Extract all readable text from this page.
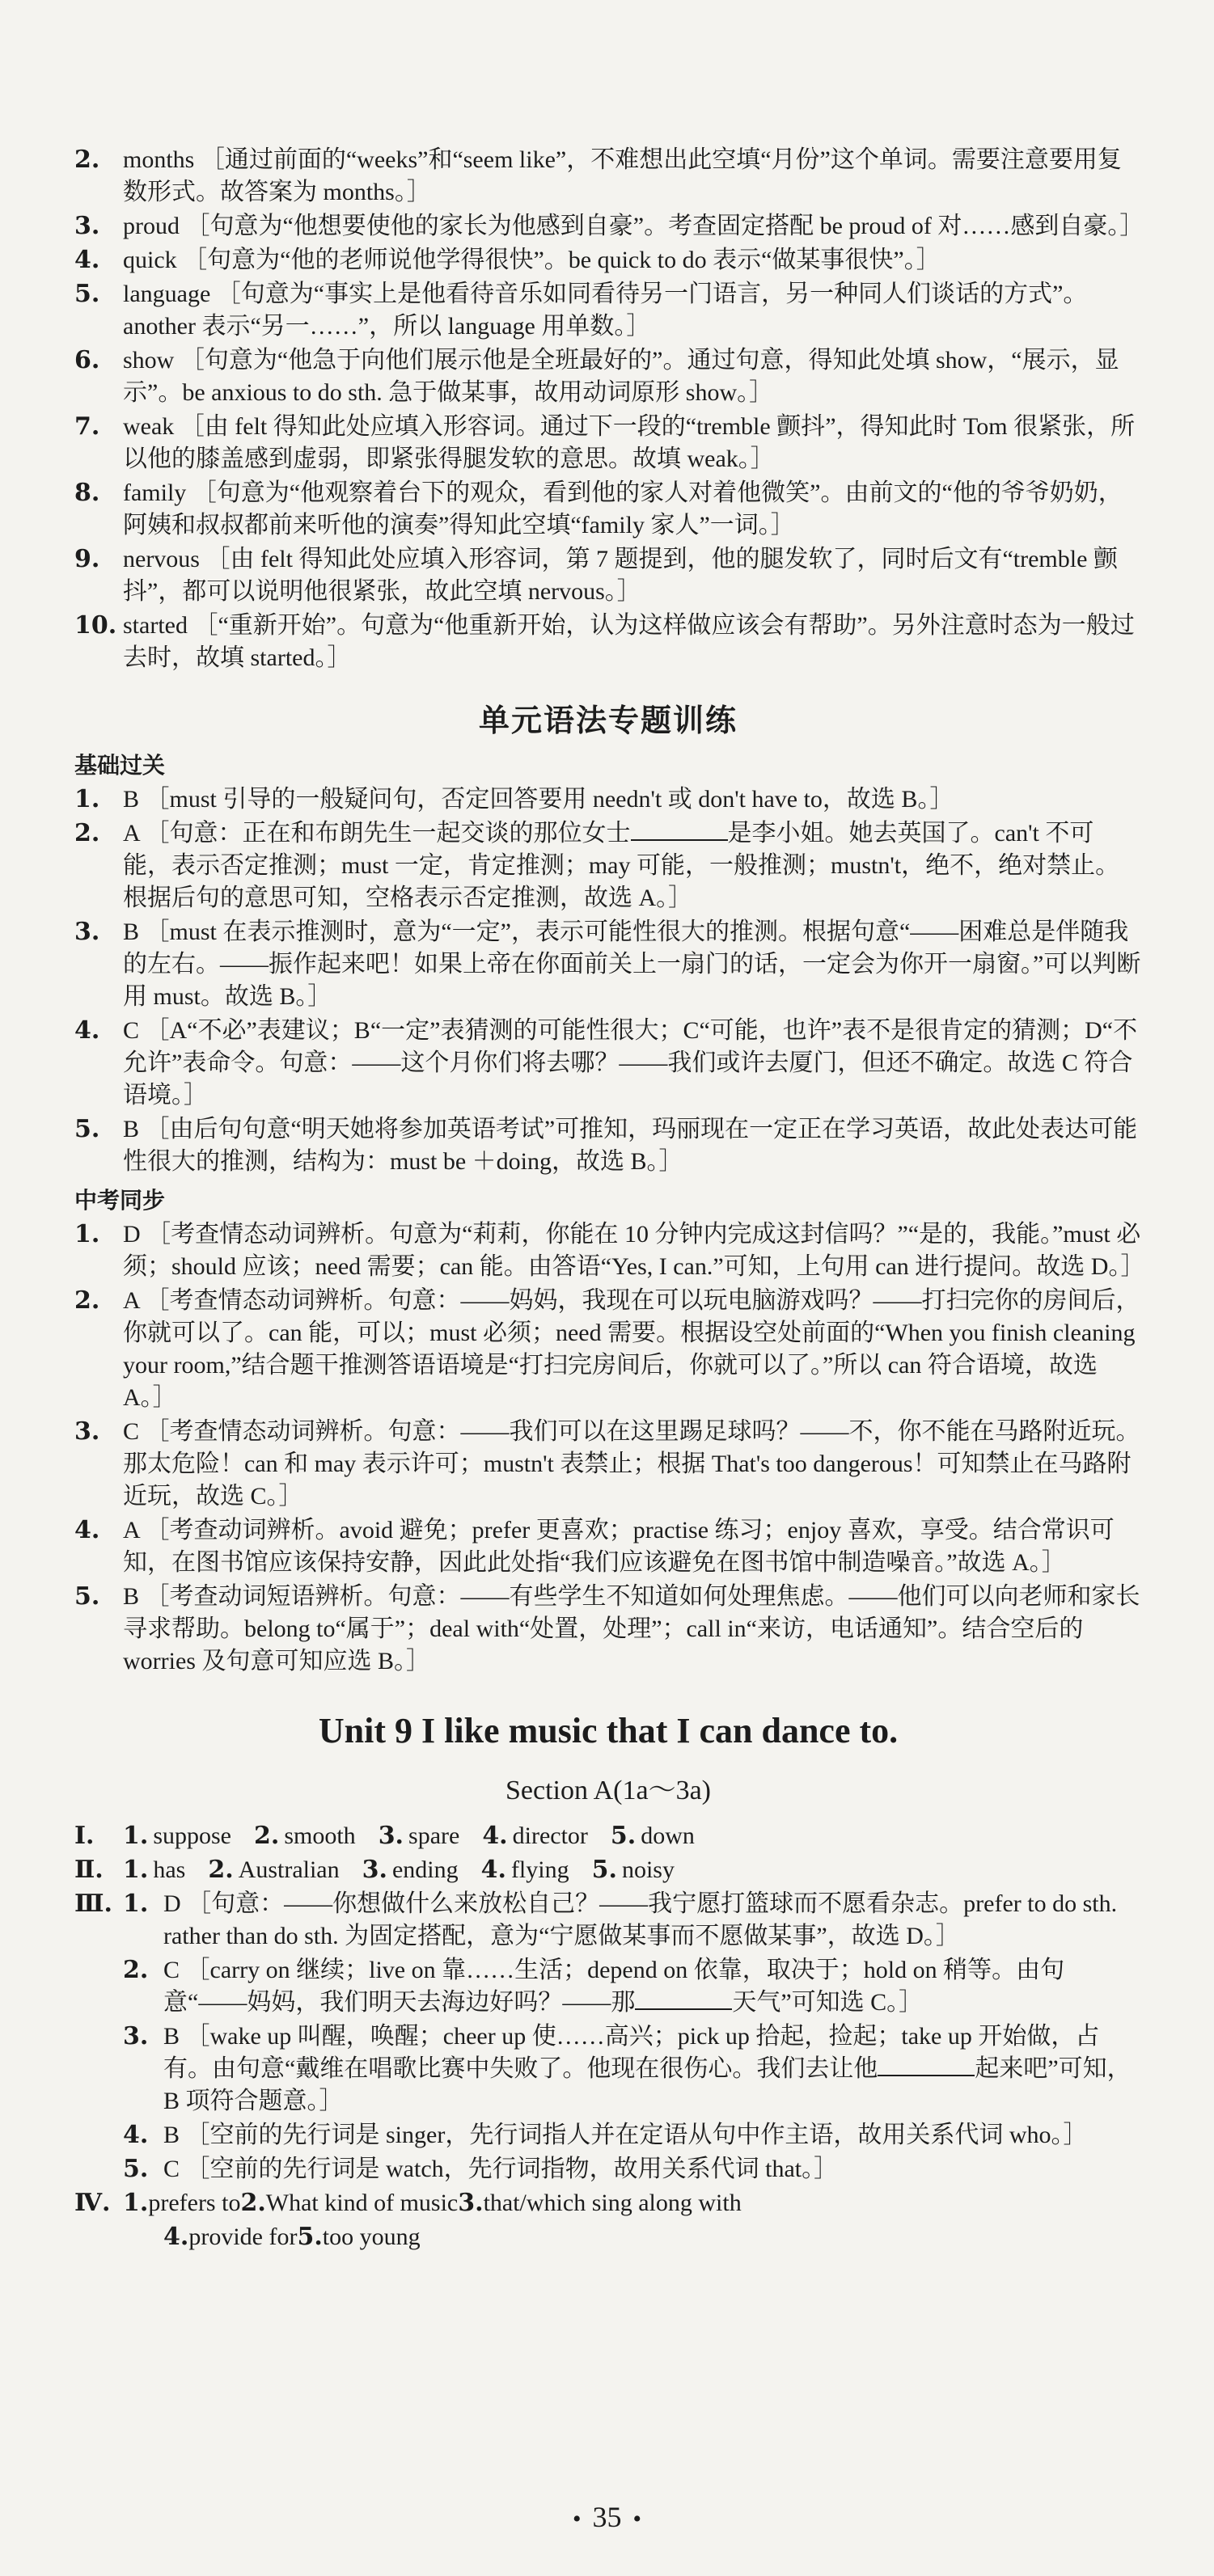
2. months ［通过前面的“weeks”和“seem like”，不难想出此空填“月份”这个单词。需要注意要用复数形式。故答案为 months。］
3. proud ［句意为“他想要使他的家长为他感到自豪”。考查固定搭配 be proud of 对……感到自豪。］
4. quick ［句意为“他的老师说他学得很快”。be quick to do 表示“做某事很快”。］
5. language ［句意为“事实上是他看待音乐如同看待另一门语言，另一种同人们谈话的方式”。another 表示“另一……”，所以 language 用单数。］
6. show ［句意为“他急于向他们展示他是全班最好的”。通过句意，得知此处填 show，“展示，显示”。be anxious to do sth. 急于做某事，故用动词原形 show。］
7. weak ［由 felt 得知此处应填入形容词。通过下一段的“tremble 颤抖”，得知此时 Tom 很紧张，所以他的膝盖感到虚弱，即紧张得腿发软的意思。故填 weak。］
8. family ［句意为“他观察着台下的观众，看到他的家人对着他微笑”。由前文的“他的爷爷奶奶，阿姨和叔叔都前来听他的演奏”得知此空填“family 家人”一词。］
9. nervous ［由 felt 得知此处应填入形容词，第 7 题提到，他的腿发软了，同时后文有“tremble 颤抖”，都可以说明他很紧张，故此空填 nervous。］
10. started ［“重新开始”。句意为“他重新开始，认为这样做应该会有帮助”。另外注意时态为一般过去时，故填 started。］
单元语法专题训练
基础过关
1. B ［must 引导的一般疑问句，否定回答要用 needn't 或 don't have to，故选 B。］
2. A ［句意：正在和布朗先生一起交谈的那位女士	是李小姐。她去英国了。can't 不可能，表示否定推测；must 一定，肯定推测；may 可能，一般推测；mustn't，绝不，绝对禁止。根据后句的意思可知，空格表示否定推测，故选 A。］
3. B ［must 在表示推测时，意为“一定”，表示可能性很大的推测。根据句意“——困难总是伴随我的左右。——振作起来吧！如果上帝在你面前关上一扇门的话，一定会为你开一扇窗。”可以判断用 must。故选 B。］
4. C ［A“不必”表建议；B“一定”表猜测的可能性很大；C“可能，也许”表不是很肯定的猜测；D“不允许”表命令。句意：——这个月你们将去哪？——我们或许去厦门，但还不确定。故选 C 符合语境。］
5. B ［由后句句意“明天她将参加英语考试”可推知，玛丽现在一定正在学习英语，故此处表达可能性很大的推测，结构为：must be ＋doing，故选 B。］
中考同步
1. D ［考查情态动词辨析。句意为“莉莉，你能在 10 分钟内完成这封信吗？”“是的，我能。”must 必须；should 应该；need 需要；can 能。由答语“Yes, I can.”可知，上句用 can 进行提问。故选 D。］
2. A ［考查情态动词辨析。句意：——妈妈，我现在可以玩电脑游戏吗？——打扫完你的房间后，你就可以了。can 能，可以；must 必须；need 需要。根据设空处前面的“When you finish cleaning your room,”结合题干推测答语语境是“打扫完房间后，你就可以了。”所以 can 符合语境，故选 A。］
3. C ［考查情态动词辨析。句意：——我们可以在这里踢足球吗？——不，你不能在马路附近玩。那太危险！can 和 may 表示许可；mustn't 表禁止；根据 That's too dangerous！可知禁止在马路附近玩，故选 C。］
4. A ［考查动词辨析。avoid 避免；prefer 更喜欢；practise 练习；enjoy 喜欢，享受。结合常识可知，在图书馆应该保持安静，因此此处指“我们应该避免在图书馆中制造噪音。”故选 A。］
5. B ［考查动词短语辨析。句意：——有些学生不知道如何处理焦虑。——他们可以向老师和家长寻求帮助。belong to“属于”；deal with“处置，处理”；call in“来访，电话通知”。结合空后的 worries 及句意可知应选 B。］
Unit 9 I like music that I can dance to.
Section A(1a～3a)
Ⅰ. 1. suppose 2. smooth 3. spare 4. director 5. down
Ⅱ. 1. has 2. Australian 3. ending 4. flying 5. noisy
Ⅲ. 1. D ［句意：——你想做什么来放松自己？——我宁愿打篮球而不愿看杂志。prefer to do sth. rather than do sth. 为固定搭配，意为“宁愿做某事而不愿做某事”，故选 D。］
2. C ［carry on 继续；live on 靠……生活；depend on 依靠，取决于；hold on 稍等。由句意“——妈妈，我们明天去海边好吗？——那	天气”可知选 C。］
3. B ［wake up 叫醒，唤醒；cheer up 使……高兴；pick up 拾起，捡起；take up 开始做，占有。由句意“戴维在唱歌比赛中失败了。他现在很伤心。我们去让他	起来吧”可知，B 项符合题意。］
4. B ［空前的先行词是 singer，先行词指人并在定语从句中作主语，故用关系代词 who。］
5. C ［空前的先行词是 watch，先行词指物，故用关系代词 that。］
Ⅳ. 1.prefers to2.What kind of music3.that/which sing along with
4.provide for5.too young
• 35 •
